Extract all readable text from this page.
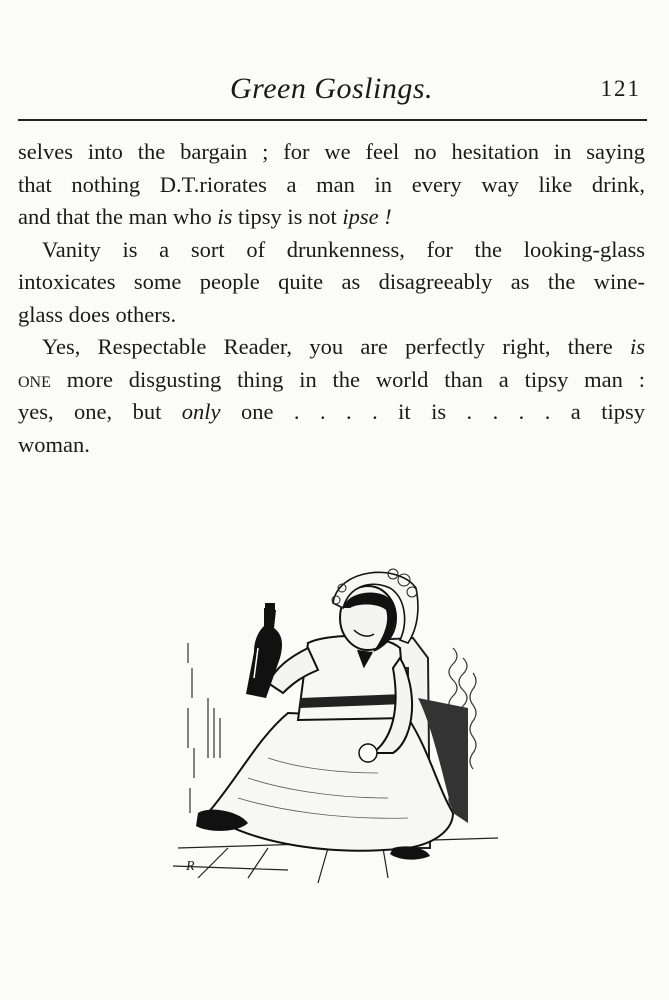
Green Goslings.	121

selves into the bargain ; for we feel no hesitation in saying
that nothing D.T.riorates a man in every way like drink,
and that the man who is tipsy is not ipse !

Vanity is a sort of drunkenness, for the looking-glass
intoxicates some people quite as disagreeably as the wine-
glass does others.

Yes, Respectable Reader, you are perfectly right, there is
one more disgusting thing in the world than a tipsy man :
yes, one, but only one . . . . it is . . . . a tipsy
woman.

R
